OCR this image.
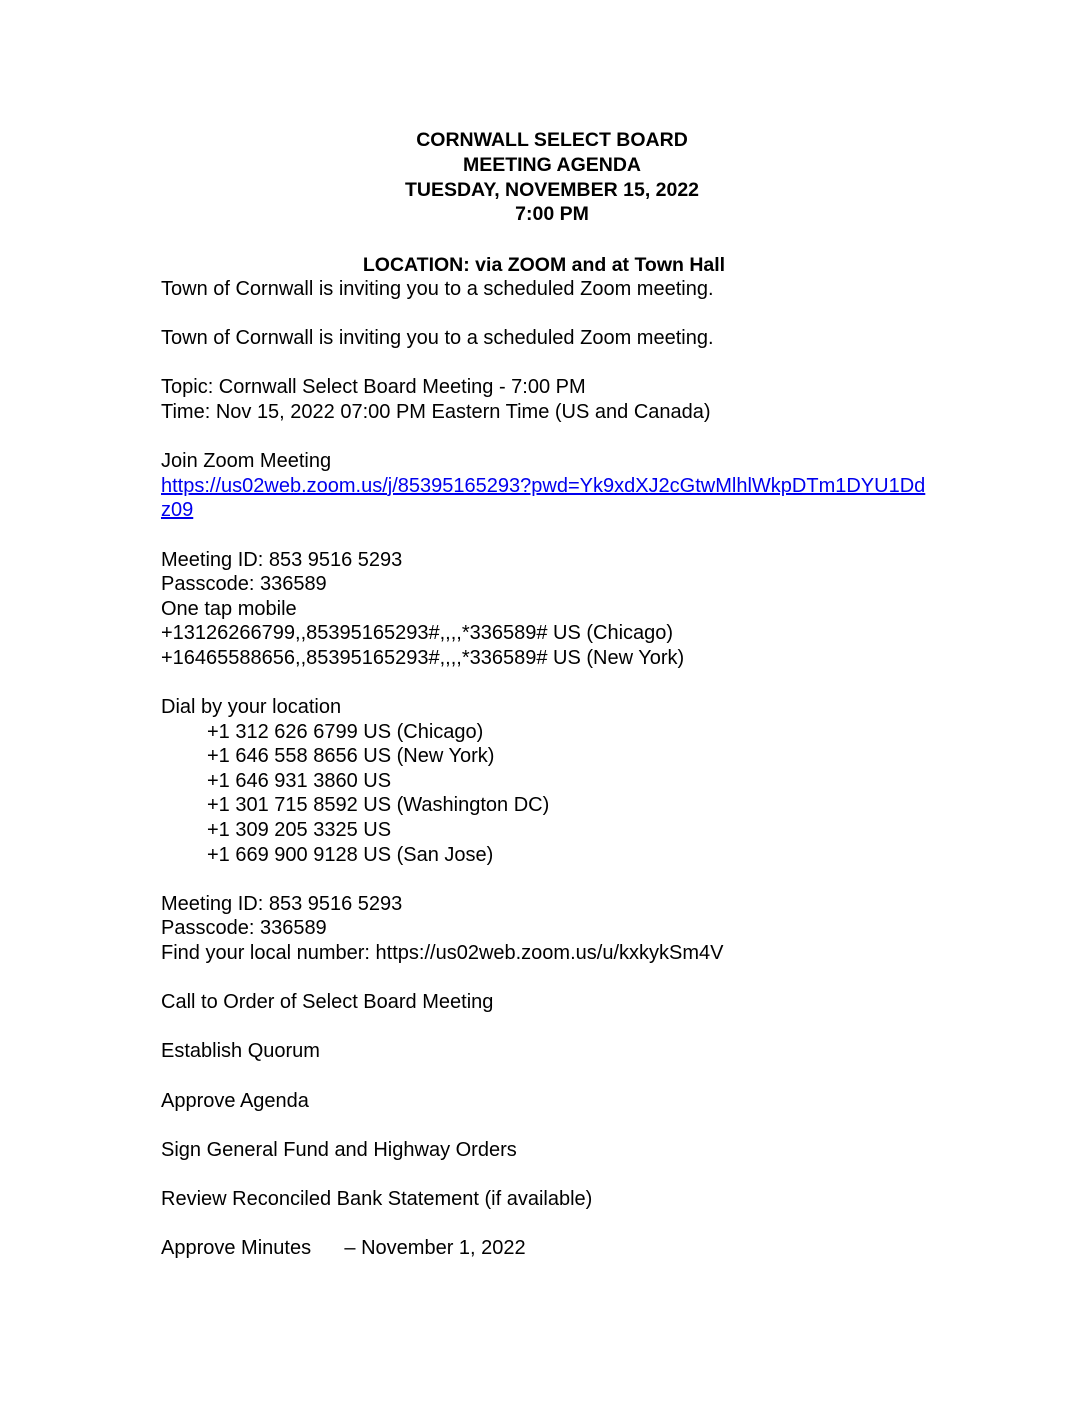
CORNWALL SELECT BOARD
MEETING AGENDA
TUESDAY, NOVEMBER 15, 2022
7:00 PM
LOCATION: via ZOOM and at Town Hall
Town of Cornwall is inviting you to a scheduled Zoom meeting.
Town of Cornwall is inviting you to a scheduled Zoom meeting.
Topic: Cornwall Select Board Meeting - 7:00 PM
Time: Nov 15, 2022 07:00 PM Eastern Time (US and Canada)
Join Zoom Meeting
https://us02web.zoom.us/j/85395165293?pwd=Yk9xdXJ2cGtwMlhlWkpDTm1DYU1Ddz09
Meeting ID: 853 9516 5293
Passcode: 336589
One tap mobile
+13126266799,,85395165293#,,,,*336589# US (Chicago)
+16465588656,,85395165293#,,,,*336589# US (New York)
Dial by your location
+1 312 626 6799 US (Chicago)
+1 646 558 8656 US (New York)
+1 646 931 3860 US
+1 301 715 8592 US (Washington DC)
+1 309 205 3325 US
+1 669 900 9128 US (San Jose)
Meeting ID: 853 9516 5293
Passcode: 336589
Find your local number: https://us02web.zoom.us/u/kxkykSm4V
Call to Order of Select Board Meeting
Establish Quorum
Approve Agenda
Sign General Fund and Highway Orders
Review Reconciled Bank Statement (if available)
Approve Minutes      – November 1, 2022
